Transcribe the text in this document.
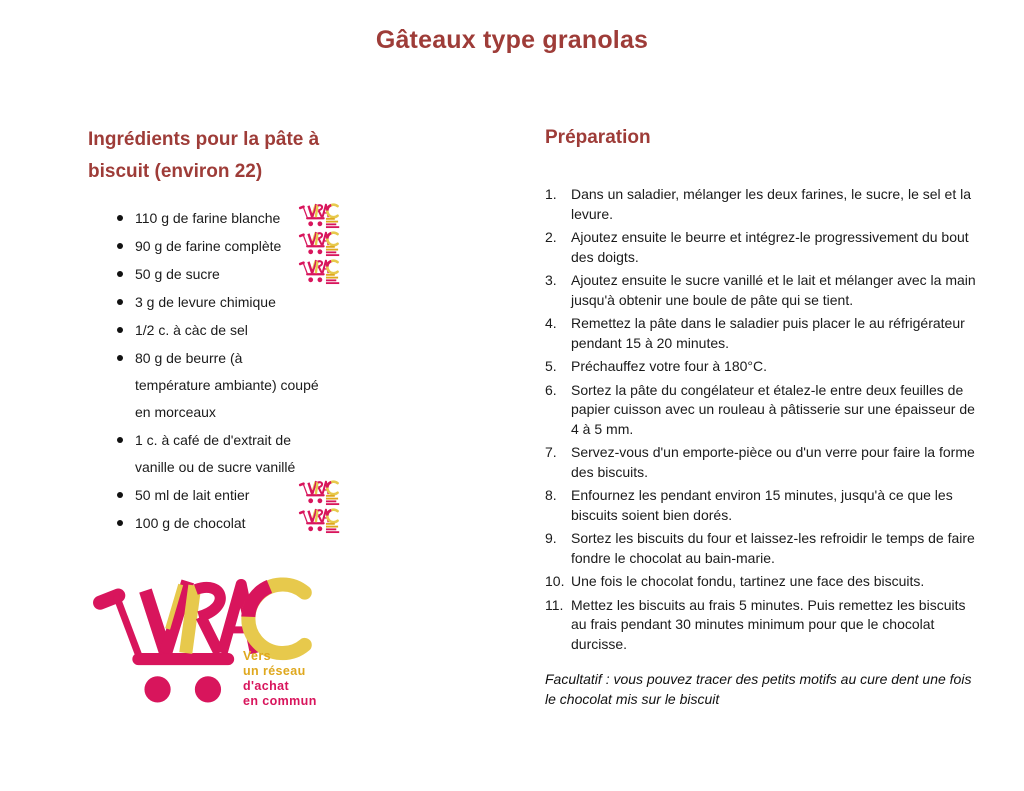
Gâteaux type granolas
Ingrédients pour la pâte à biscuit (environ 22)
110 g de farine blanche
90 g de farine complète
50 g de sucre
3 g de levure chimique
1/2 c. à càc de sel
80 g de beurre (à température ambiante) coupé en morceaux
1 c. à café de d'extrait de vanille ou de sucre vanillé
50 ml de lait entier
100 g de chocolat
Vers
un réseau
d'achat
en commun
Préparation
1.	Dans un saladier, mélanger les deux farines, le sucre, le sel et la levure.
2.	Ajoutez ensuite le beurre et intégrez-le progressivement du bout des doigts.
3.	Ajoutez ensuite le sucre vanillé et le lait et mélanger avec la main jusqu'à obtenir une boule de pâte qui se tient.
4.	Remettez la pâte dans le saladier puis placer le au réfrigérateur pendant 15 à 20 minutes.
5.	Préchauffez votre four à 180°C.
6.	Sortez la pâte du congélateur et étalez-le entre deux feuilles de papier cuisson avec un rouleau à pâtisserie sur une épaisseur de 4 à 5 mm.
7.	Servez-vous d'un emporte-pièce ou d'un verre pour faire la forme des biscuits.
8.	Enfournez les pendant environ 15 minutes, jusqu'à ce que les biscuits soient bien dorés.
9.	Sortez les biscuits du four et laissez-les refroidir le temps de faire fondre le chocolat au bain-marie.
10. Une fois le chocolat fondu, tartinez une face des biscuits.
11. Mettez les biscuits au frais 5 minutes. Puis remettez les biscuits au frais pendant 30 minutes minimum pour que le chocolat durcisse.

Facultatif : vous pouvez tracer des petits motifs au cure dent une fois le chocolat mis sur le biscuit
